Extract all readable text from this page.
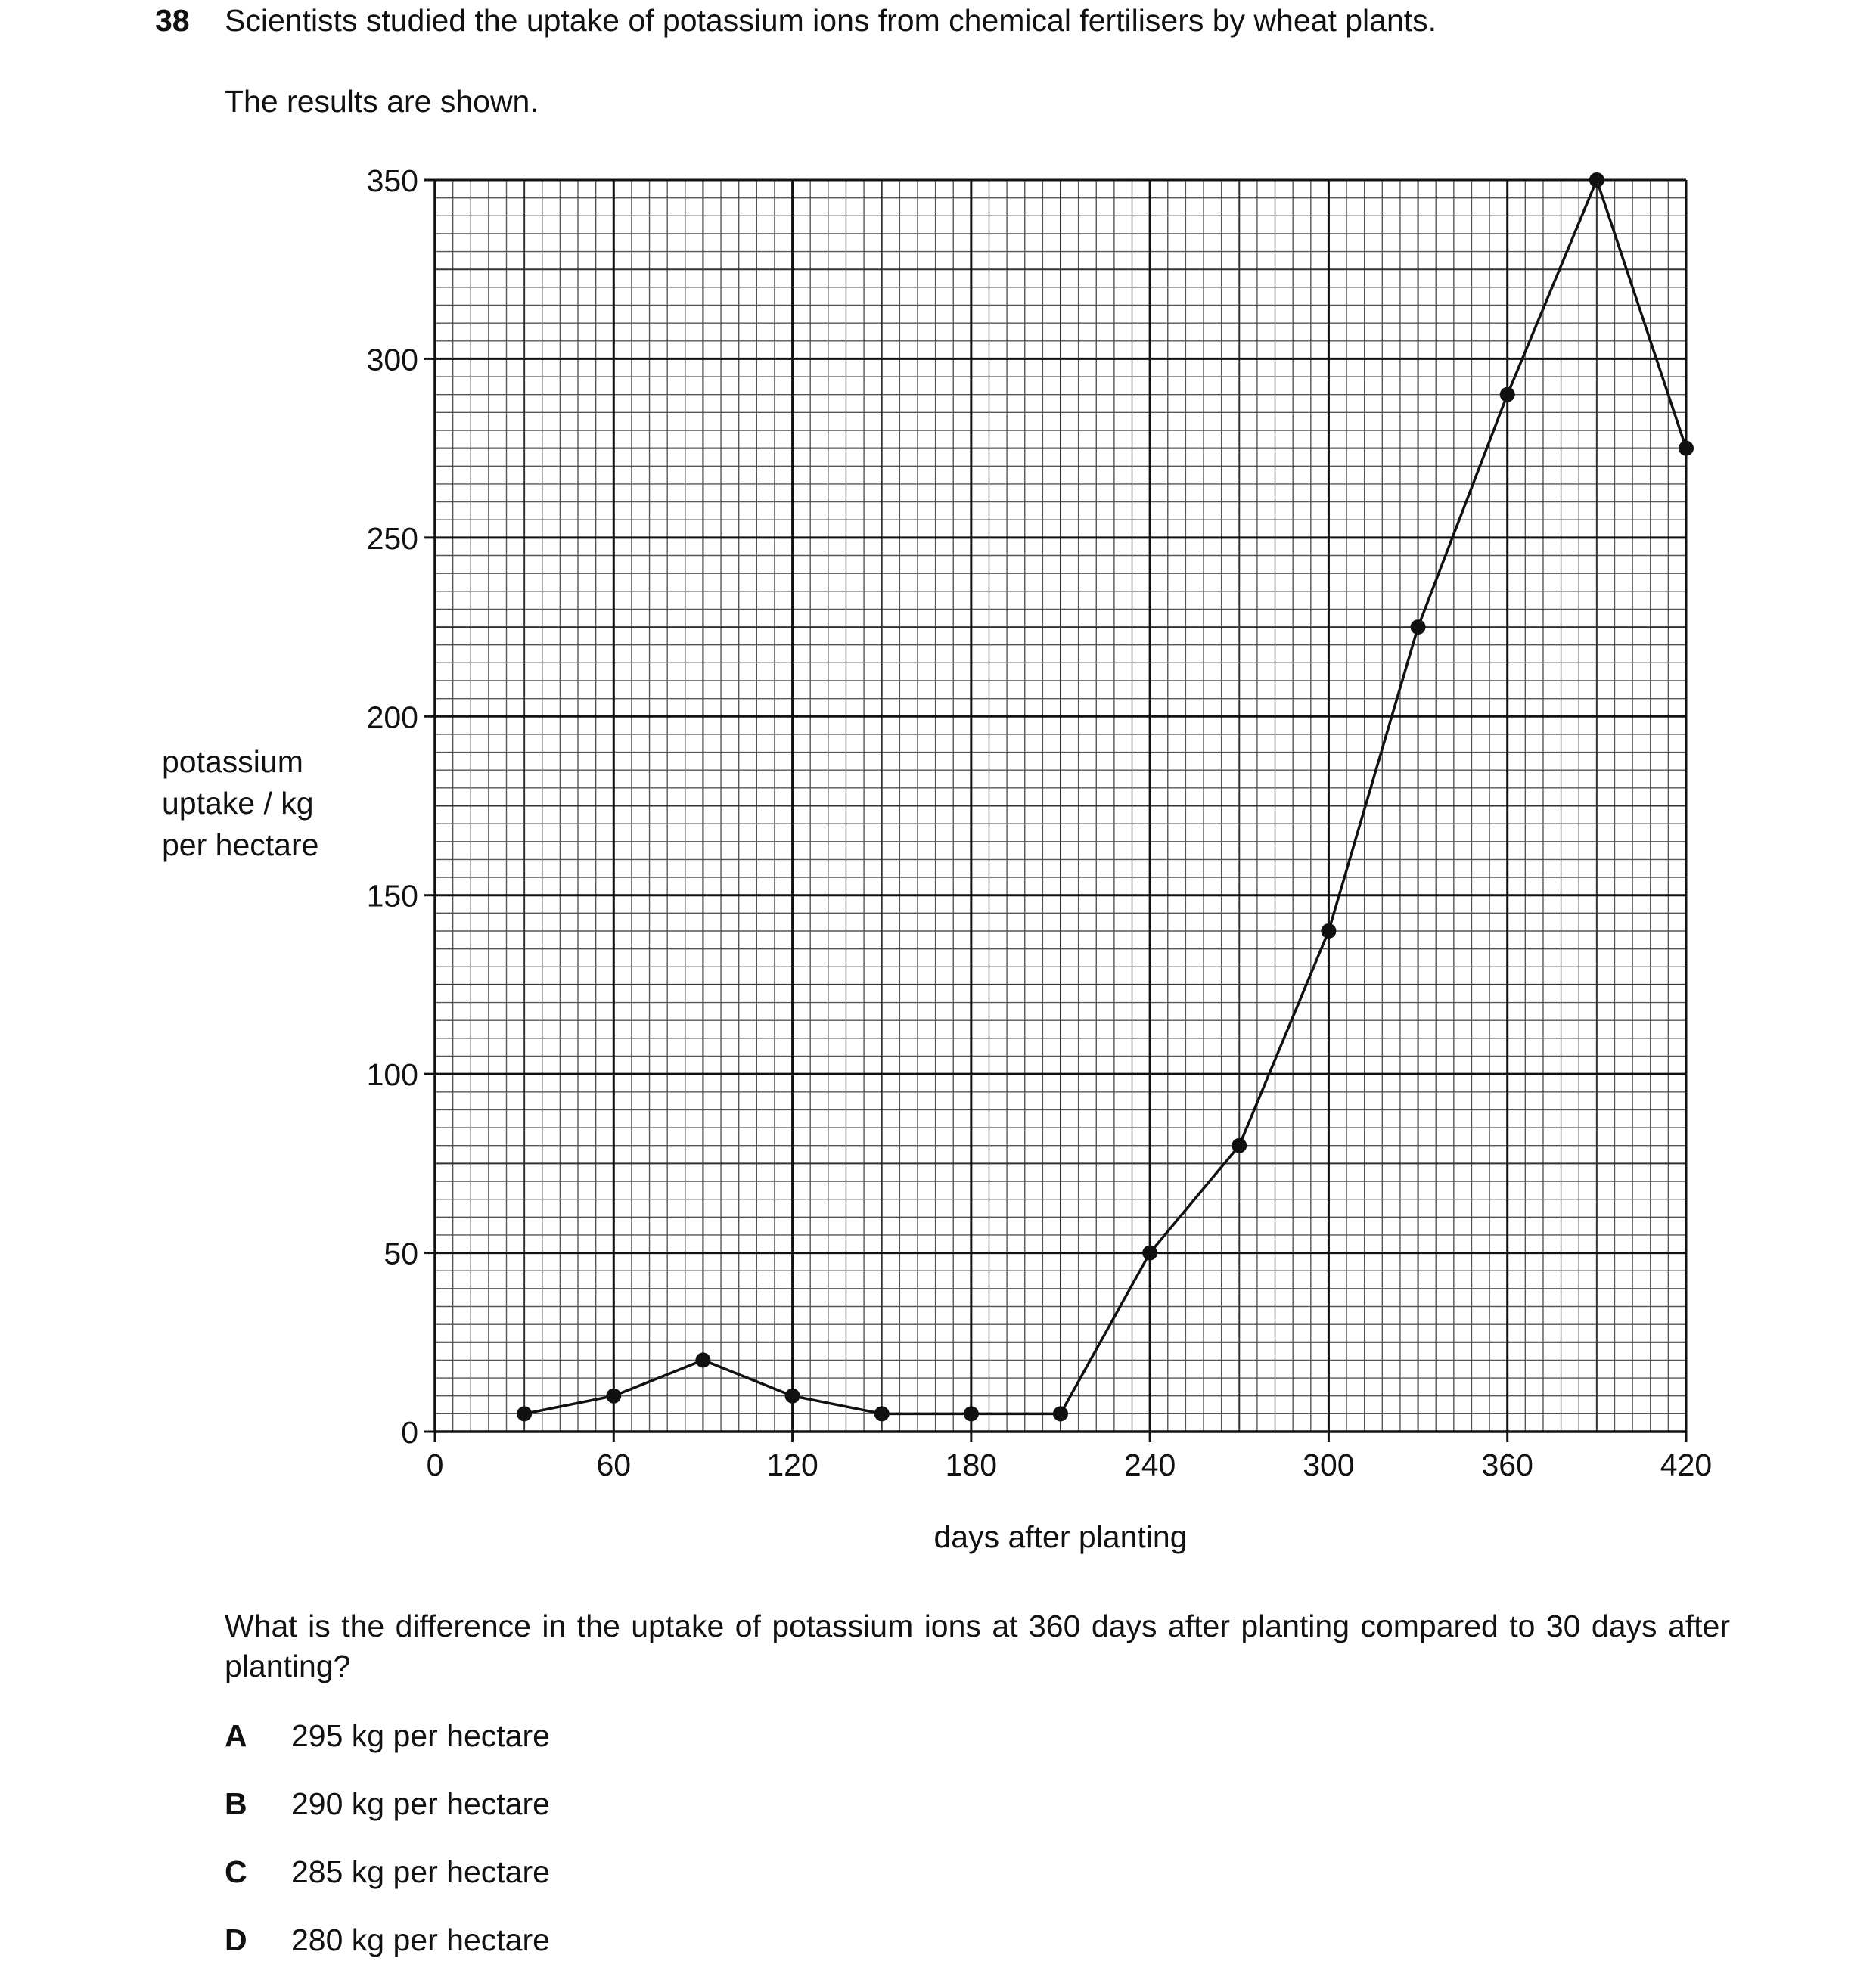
38 Scientists studied the uptake of potassium ions from chemical fertilisers by wheat plants.
The results are shown.
potassium
uptake / kg
per hectare
0	60	120	180	240	300	360	420
0
50
100
150
200
250
300
350
days after planting
What is the difference in the uptake of potassium ions at 360 days after planting compared to 30 days after planting?
A 295 kg per hectare
B 290 kg per hectare
C 285 kg per hectare
D 280 kg per hectare
